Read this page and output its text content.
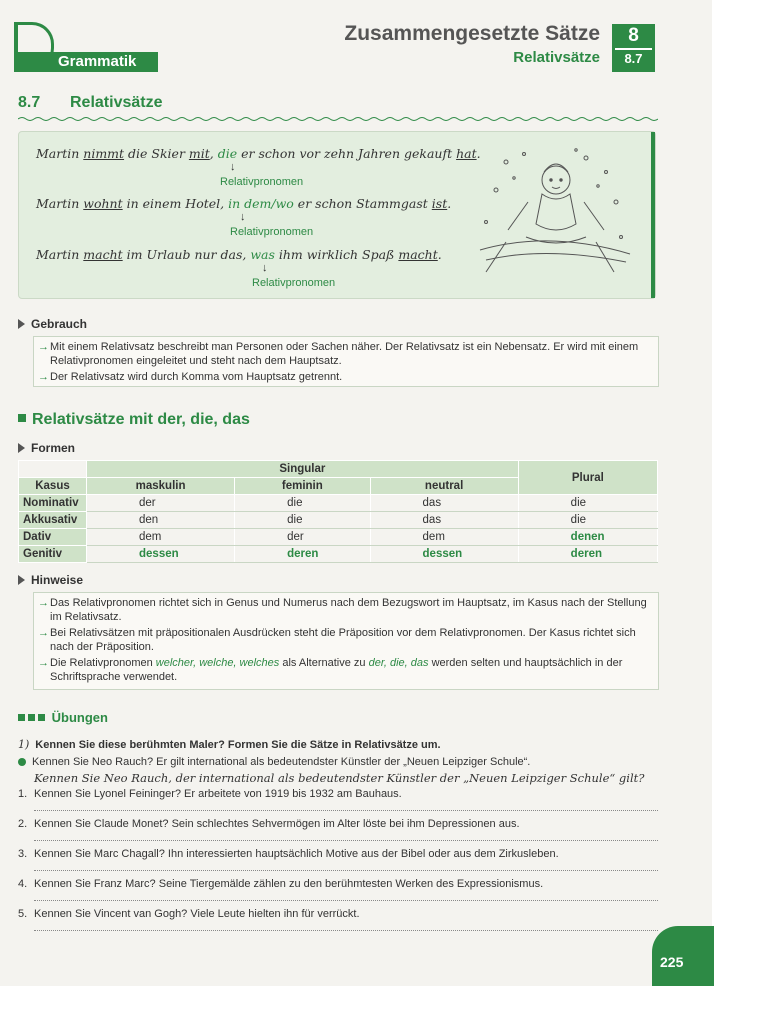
Grammatik
Zusammengesetzte Sätze
Relativsätze
8
8.7
8.7 Relativsätze
Martin nimmt die Skier mit, die er schon vor zehn Jahren gekauft hat.
↓
Relativpronomen
Martin wohnt in einem Hotel, in dem/wo er schon Stammgast ist.
↓
Relativpronomen
Martin macht im Urlaub nur das, was ihm wirklich Spaß macht.
↓
Relativpronomen
Gebrauch

→ Mit einem Relativsatz beschreibt man Personen oder Sachen näher. Der Relativsatz ist ein Nebensatz. Er wird mit einem Relativpronomen eingeleitet und steht nach dem Hauptsatz.

→ Der Relativsatz wird durch Komma vom Hauptsatz getrennt.

Relativsätze mit der, die, das
Formen
	Singular			Plural
Kasus	maskulin	feminin	neutral	
Nominativ	der	die	das	die
Akkusativ	den	die	das	die
Dativ	dem	der	dem	denen
Genitiv	dessen	deren	dessen	deren
Hinweise

→ Das Relativpronomen richtet sich in Genus und Numerus nach dem Bezugswort im Hauptsatz, im Kasus nach der Stellung im Relativsatz.

→ Bei Relativsätzen mit präpositionalen Ausdrücken steht die Präposition vor dem Relativpronomen. Der Kasus richtet sich nach der Präposition.

→ Die Relativpronomen welcher, welche, welches als Alternative zu der, die, das werden selten und hauptsächlich in der Schriftsprache verwendet.

Übungen
1) Kennen Sie diese berühmten Maler? Formen Sie die Sätze in Relativsätze um.
Kennen Sie Neo Rauch? Er gilt international als bedeutendster Künstler der „Neuen Leipziger Schule“.
Kennen Sie Neo Rauch, der international als bedeutendster Künstler der „Neuen Leipziger Schule“ gilt?
1. Kennen Sie Lyonel Feininger? Er arbeitete von 1919 bis 1932 am Bauhaus.
2. Kennen Sie Claude Monet? Sein schlechtes Sehvermögen im Alter löste bei ihm Depressionen aus.
3. Kennen Sie Marc Chagall? Ihn interessierten hauptsächlich Motive aus der Bibel oder aus dem Zirkusleben.
4. Kennen Sie Franz Marc? Seine Tiergemälde zählen zu den berühmtesten Werken des Expressionismus.
5. Kennen Sie Vincent van Gogh? Viele Leute hielten ihn für verrückt.
225
